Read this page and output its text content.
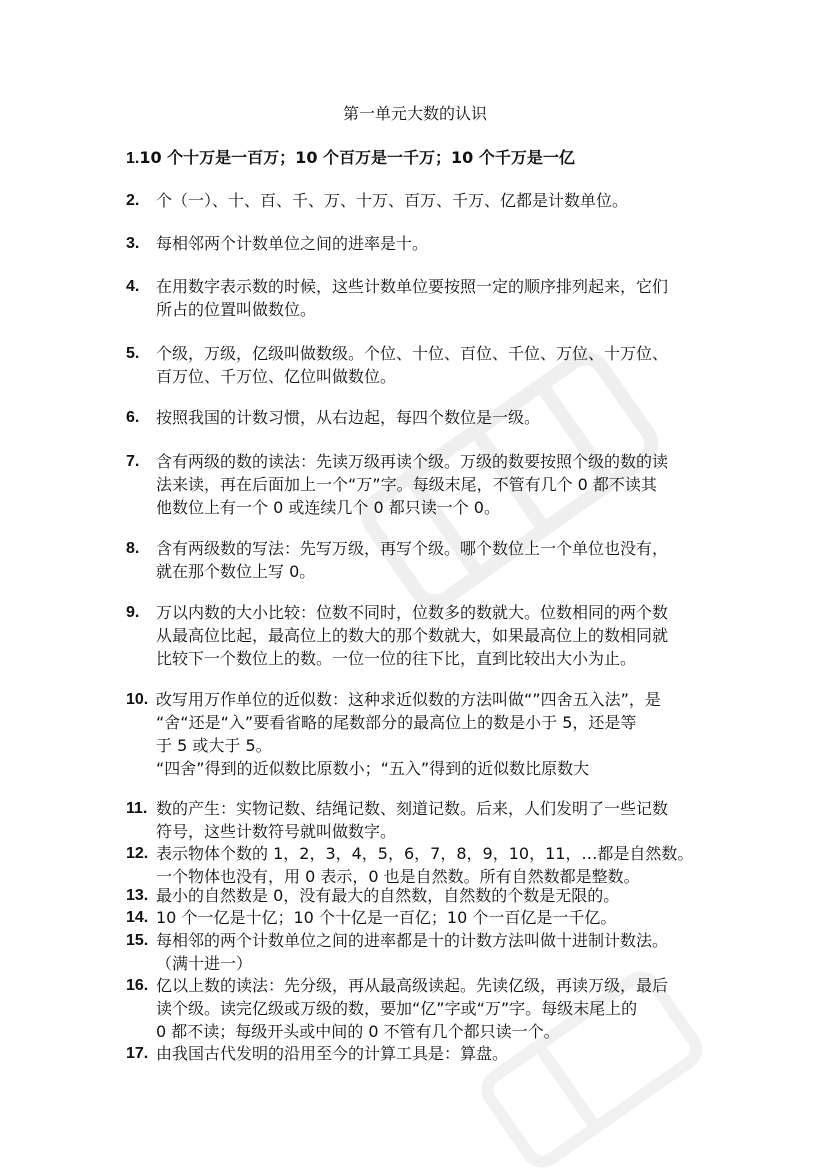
第一单元大数的认识
1.10 个十万是一百万；10 个百万是一千万；10 个千万是一亿
2.	个（一）、十、百、千、万、十万、百万、千万、亿都是计数单位。
3.	每相邻两个计数单位之间的进率是十。
4.	在用数字表示数的时候，这些计数单位要按照一定的顺序排列起来，它们
所占的位置叫做数位。
5.	个级，万级，亿级叫做数级。个位、十位、百位、千位、万位、十万位、
百万位、千万位、亿位叫做数位。
6.	按照我国的计数习惯，从右边起，每四个数位是一级。
7.	含有两级的数的读法：先读万级再读个级。万级的数要按照个级的数的读
法来读，再在后面加上一个“万”字。每级末尾，不管有几个 0 都不读其
他数位上有一个 0 或连续几个 0 都只读一个 0。
8.	含有两级数的写法：先写万级，再写个级。哪个数位上一个单位也没有，
就在那个数位上写 0。
9.	万以内数的大小比较：位数不同时，位数多的数就大。位数相同的两个数
从最高位比起，最高位上的数大的那个数就大，如果最高位上的数相同就
比较下一个数位上的数。一位一位的往下比，直到比较出大小为止。
10. 改写用万作单位的近似数：这种求近似数的方法叫做“”四舍五入法”，是
“舍“还是“入”要看省略的尾数部分的最高位上的数是小于 5，还是等
于 5 或大于 5。
“四舍”得到的近似数比原数小；“五入”得到的近似数比原数大
11. 数的产生：实物记数、结绳记数、刻道记数。后来，人们发明了一些记数
符号，这些计数符号就叫做数字。
12. 表示物体个数的 1，2，3，4，5，6，7，8，9，10，11，…都是自然数。
一个物体也没有，用 0 表示，0 也是自然数。所有自然数都是整数。
13. 最小的自然数是 0，没有最大的自然数，自然数的个数是无限的。
14. 10 个一亿是十亿；10 个十亿是一百亿；10 个一百亿是一千亿。
15. 每相邻的两个计数单位之间的进率都是十的计数方法叫做十进制计数法。
（满十进一）
16. 亿以上数的读法：先分级，再从最高级读起。先读亿级，再读万级，最后
读个级。读完亿级或万级的数，要加“亿”字或“万”字。每级末尾上的
0 都不读；每级开头或中间的 0 不管有几个都只读一个。
17. 由我国古代发明的沿用至今的计算工具是：算盘。
